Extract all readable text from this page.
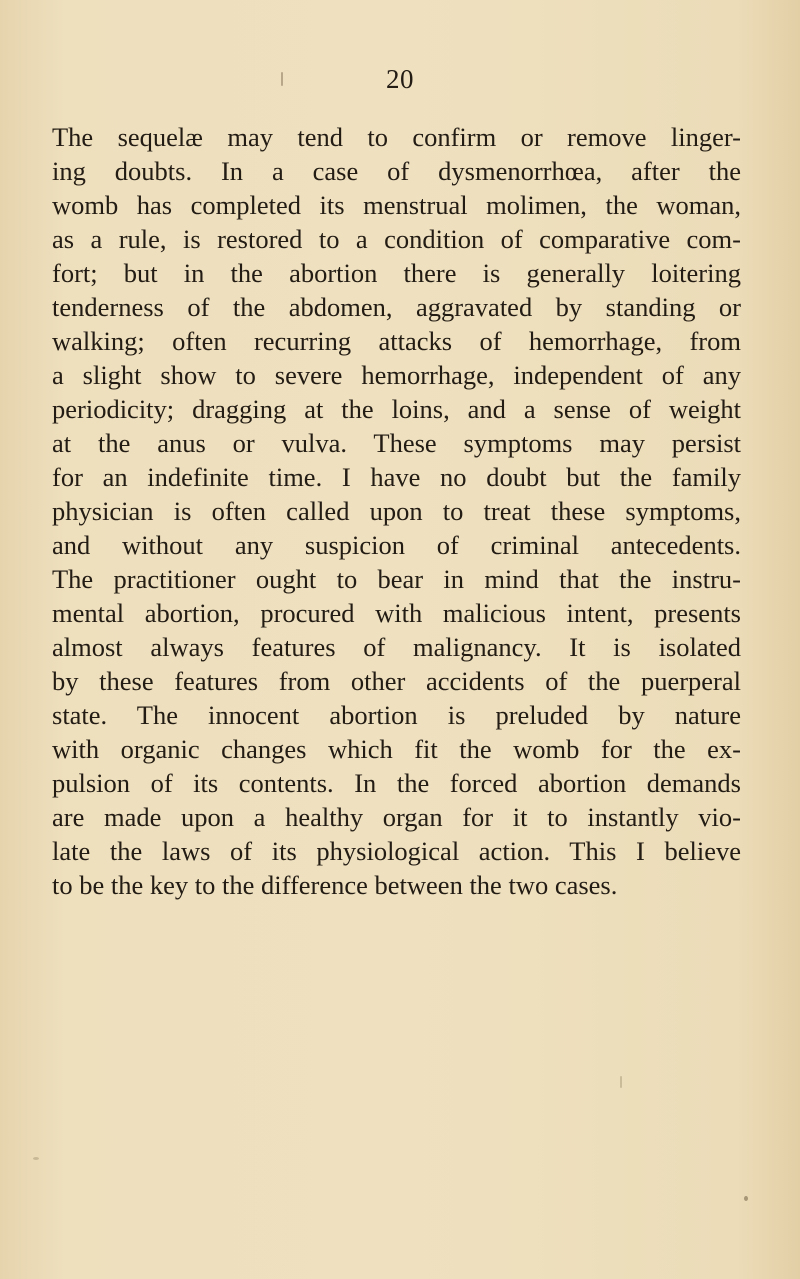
20
The sequelæ may tend to confirm or remove linger-
ing doubts. In a case of dysmenorrhœa, after the
womb has completed its menstrual molimen, the woman,
as a rule, is restored to a condition of comparative com-
fort; but in the abortion there is generally loitering
tenderness of the abdomen, aggravated by standing or
walking; often recurring attacks of hemorrhage, from
a slight show to severe hemorrhage, independent of any
periodicity; dragging at the loins, and a sense of weight
at the anus or vulva. These symptoms may persist
for an indefinite time. I have no doubt but the family
physician is often called upon to treat these symptoms,
and without any suspicion of criminal antecedents.
The practitioner ought to bear in mind that the instru-
mental abortion, procured with malicious intent, presents
almost always features of malignancy. It is isolated
by these features from other accidents of the puerperal
state. The innocent abortion is preluded by nature
with organic changes which fit the womb for the ex-
pulsion of its contents. In the forced abortion demands
are made upon a healthy organ for it to instantly vio-
late the laws of its physiological action. This I believe
to be the key to the difference between the two cases.
